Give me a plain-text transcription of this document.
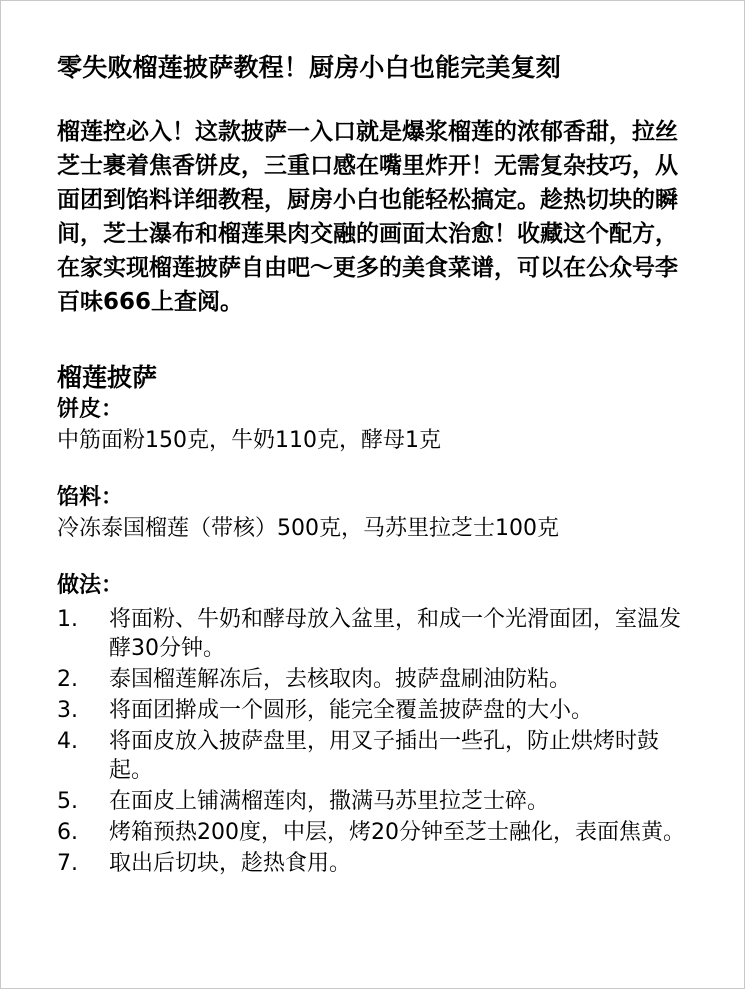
零失败榴莲披萨教程！厨房小白也能完美复刻
榴莲控必入！这款披萨一入口就是爆浆榴莲的浓郁香甜，拉丝芝士裹着焦香饼皮，三重口感在嘴里炸开！无需复杂技巧，从面团到馅料详细教程，厨房小白也能轻松搞定。趁热切块的瞬间，芝士瀑布和榴莲果肉交融的画面太治愈！收藏这个配方，在家实现榴莲披萨自由吧～更多的美食菜谱，可以在公众号李百味666上查阅。
榴莲披萨
饼皮：
中筋面粉150克，牛奶110克，酵母1克
馅料：
冷冻泰国榴莲（带核）500克，马苏里拉芝士100克
做法：
1. 将面粉、牛奶和酵母放入盆里，和成一个光滑面团，室温发酵30分钟。
2. 泰国榴莲解冻后，去核取肉。披萨盘刷油防粘。
3. 将面团擀成一个圆形，能完全覆盖披萨盘的大小。
4. 将面皮放入披萨盘里，用叉子插出一些孔，防止烘烤时鼓起。
5. 在面皮上铺满榴莲肉，撒满马苏里拉芝士碎。
6. 烤箱预热200度，中层，烤20分钟至芝士融化，表面焦黄。
7. 取出后切块，趁热食用。
